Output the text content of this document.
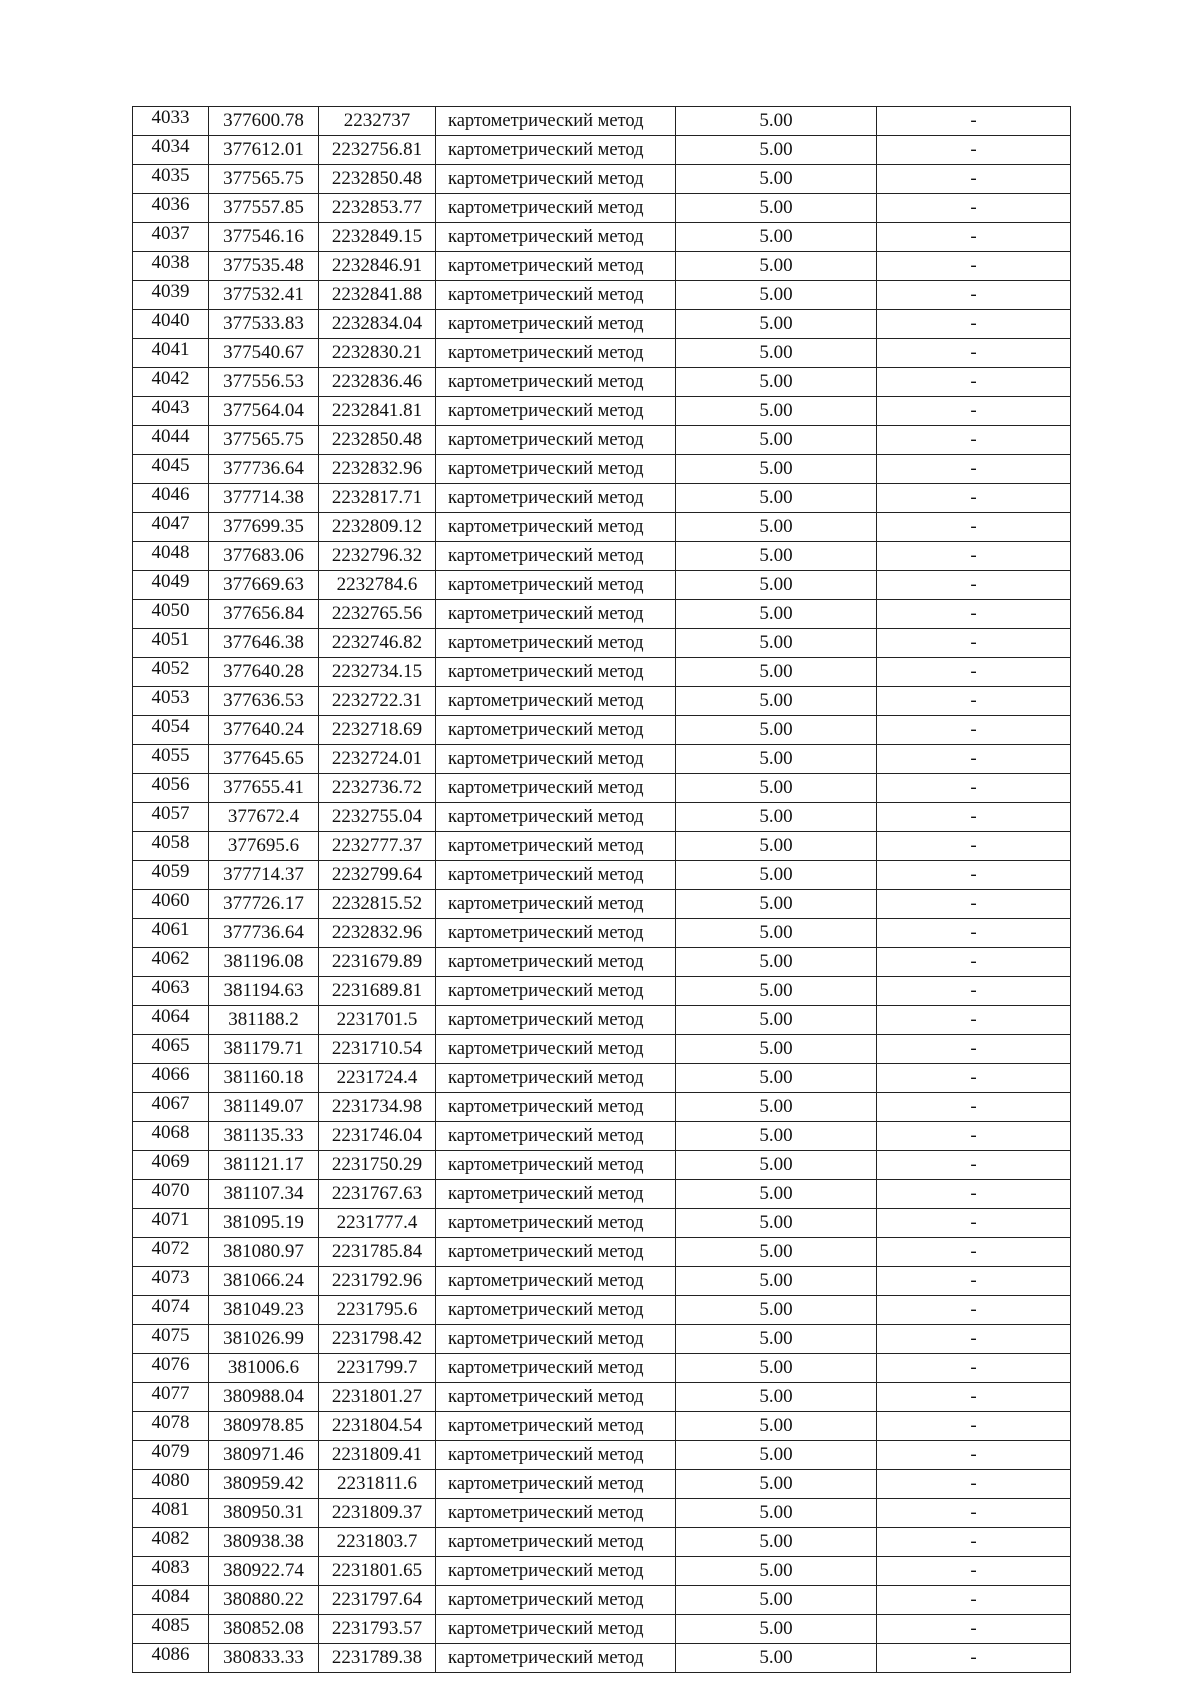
4033	377600.78	2232737	картометрический метод	5.00	-
4034	377612.01	2232756.81	картометрический метод	5.00	-
4035	377565.75	2232850.48	картометрический метод	5.00	-
4036	377557.85	2232853.77	картометрический метод	5.00	-
4037	377546.16	2232849.15	картометрический метод	5.00	-
4038	377535.48	2232846.91	картометрический метод	5.00	-
4039	377532.41	2232841.88	картометрический метод	5.00	-
4040	377533.83	2232834.04	картометрический метод	5.00	-
4041	377540.67	2232830.21	картометрический метод	5.00	-
4042	377556.53	2232836.46	картометрический метод	5.00	-
4043	377564.04	2232841.81	картометрический метод	5.00	-
4044	377565.75	2232850.48	картометрический метод	5.00	-
4045	377736.64	2232832.96	картометрический метод	5.00	-
4046	377714.38	2232817.71	картометрический метод	5.00	-
4047	377699.35	2232809.12	картометрический метод	5.00	-
4048	377683.06	2232796.32	картометрический метод	5.00	-
4049	377669.63	2232784.6	картометрический метод	5.00	-
4050	377656.84	2232765.56	картометрический метод	5.00	-
4051	377646.38	2232746.82	картометрический метод	5.00	-
4052	377640.28	2232734.15	картометрический метод	5.00	-
4053	377636.53	2232722.31	картометрический метод	5.00	-
4054	377640.24	2232718.69	картометрический метод	5.00	-
4055	377645.65	2232724.01	картометрический метод	5.00	-
4056	377655.41	2232736.72	картометрический метод	5.00	-
4057	377672.4	2232755.04	картометрический метод	5.00	-
4058	377695.6	2232777.37	картометрический метод	5.00	-
4059	377714.37	2232799.64	картометрический метод	5.00	-
4060	377726.17	2232815.52	картометрический метод	5.00	-
4061	377736.64	2232832.96	картометрический метод	5.00	-
4062	381196.08	2231679.89	картометрический метод	5.00	-
4063	381194.63	2231689.81	картометрический метод	5.00	-
4064	381188.2	2231701.5	картометрический метод	5.00	-
4065	381179.71	2231710.54	картометрический метод	5.00	-
4066	381160.18	2231724.4	картометрический метод	5.00	-
4067	381149.07	2231734.98	картометрический метод	5.00	-
4068	381135.33	2231746.04	картометрический метод	5.00	-
4069	381121.17	2231750.29	картометрический метод	5.00	-
4070	381107.34	2231767.63	картометрический метод	5.00	-
4071	381095.19	2231777.4	картометрический метод	5.00	-
4072	381080.97	2231785.84	картометрический метод	5.00	-
4073	381066.24	2231792.96	картометрический метод	5.00	-
4074	381049.23	2231795.6	картометрический метод	5.00	-
4075	381026.99	2231798.42	картометрический метод	5.00	-
4076	381006.6	2231799.7	картометрический метод	5.00	-
4077	380988.04	2231801.27	картометрический метод	5.00	-
4078	380978.85	2231804.54	картометрический метод	5.00	-
4079	380971.46	2231809.41	картометрический метод	5.00	-
4080	380959.42	2231811.6	картометрический метод	5.00	-
4081	380950.31	2231809.37	картометрический метод	5.00	-
4082	380938.38	2231803.7	картометрический метод	5.00	-
4083	380922.74	2231801.65	картометрический метод	5.00	-
4084	380880.22	2231797.64	картометрический метод	5.00	-
4085	380852.08	2231793.57	картометрический метод	5.00	-
4086	380833.33	2231789.38	картометрический метод	5.00	-
